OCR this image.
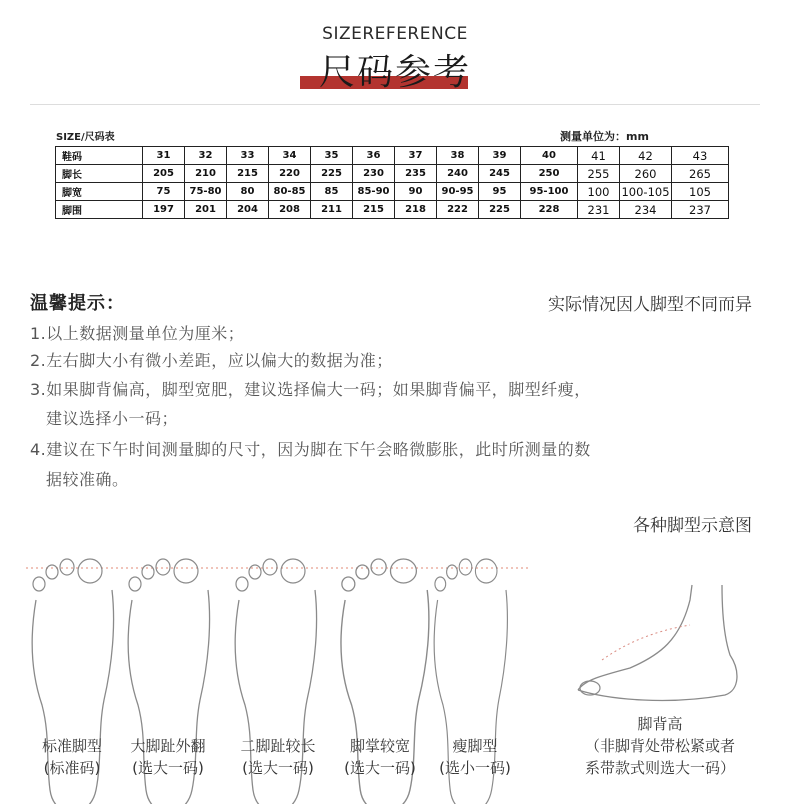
SIZEREFERENCE
尺码参考
SIZE/尺码表	测量单位为：mm
鞋码	31	32	33	34	35	36	37	38	39	40	41	42	43
脚长	205	210	215	220	225	230	235	240	245	250	255	260	265
脚宽	75	75-80	80	80-85	85	85-90	90	90-95	95	95-100	100	100-105	105
脚围	197	201	204	208	211	215	218	222	225	228	231	234	237
温馨提示：	实际情况因人脚型不同而异
1.以上数据测量单位为厘米；
2.左右脚大小有微小差距，应以偏大的数据为准；
3.如果脚背偏高，脚型宽肥，建议选择偏大一码；如果脚背偏平，脚型纤瘦，
建议选择小一码；
4.建议在下午时间测量脚的尺寸，因为脚在下午会略微膨胀，此时所测量的数
据较准确。
各种脚型示意图
标准脚型
(标准码)
大脚趾外翻
(选大一码)
二脚趾较长
(选大一码)
脚掌较宽
(选大一码)
瘦脚型
(选小一码)
脚背高
（非脚背处带松紧或者
系带款式则选大一码）
